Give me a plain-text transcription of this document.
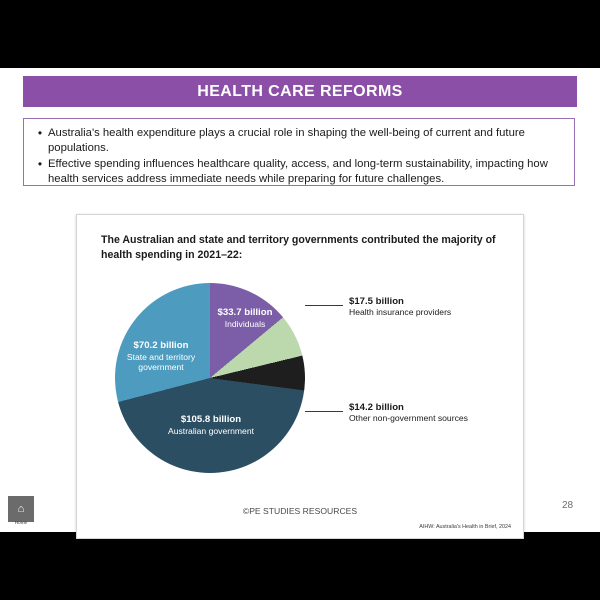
HEALTH CARE REFORMS
• Australia's health expenditure plays a crucial role in shaping the well-being of current and future populations.
• Effective spending influences healthcare quality, access, and long-term sustainability, impacting how health services address immediate needs while preparing for future challenges.
The Australian and state and territory governments contributed the majority of health spending in 2021–22:
$105.8 billion
Australian government
$70.2 billion
State and territory government
$33.7 billion
Individuals
$17.5 billion
Health insurance providers
$14.2 billion
Other non-government sources
AIHW: Australia's Health in Brief, 2024
©PE STUDIES RESOURCES	28
⌂
Home
